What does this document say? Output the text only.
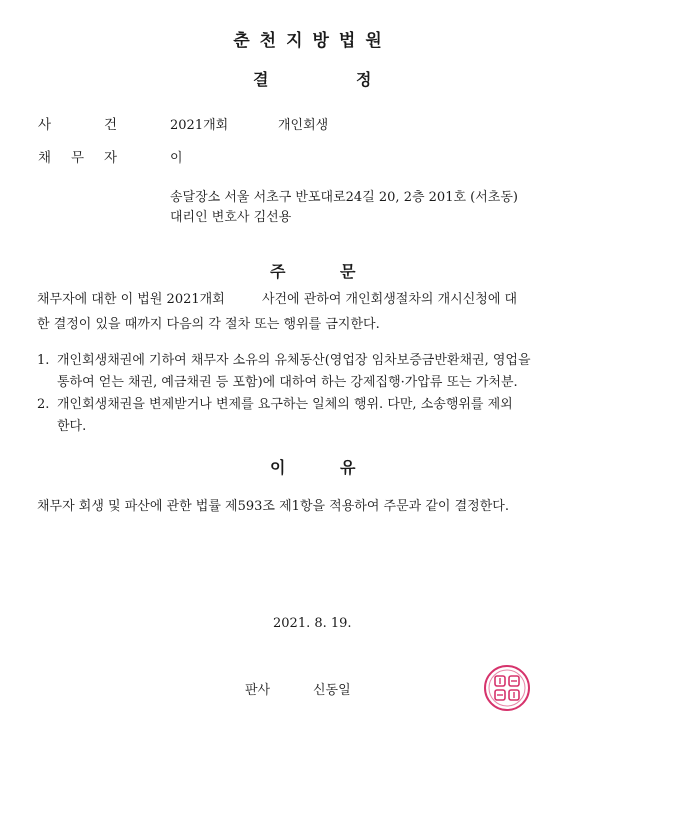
춘천지방법원
결	정
사	건	2021개회	개인회생
채 무 자	이
송달장소 서울 서초구 반포대로24길 20, 2층 201호 (서초동)
대리인 변호사 김선용
주	문
채무자에 대한 이 법원 2021개회         사건에 관하여 개인회생절차의 개시신청에 대
한 결정이 있을 때까지 다음의 각 절차 또는 행위를 금지한다.
1. 개인회생채권에 기하여 채무자 소유의 유체동산(영업장 임차보증금반환채권, 영업을
통하여 얻는 채권, 예금채권 등 포함)에 대하여 하는 강제집행·가압류 또는 가처분.
2. 개인회생채권을 변제받거나 변제를 요구하는 일체의 행위. 다만, 소송행위를 제외
한다.
이	유
채무자 회생 및 파산에 관한 법률 제593조 제1항을 적용하여 주문과 같이 결정한다.
2021. 8. 19.
판사	신동일
